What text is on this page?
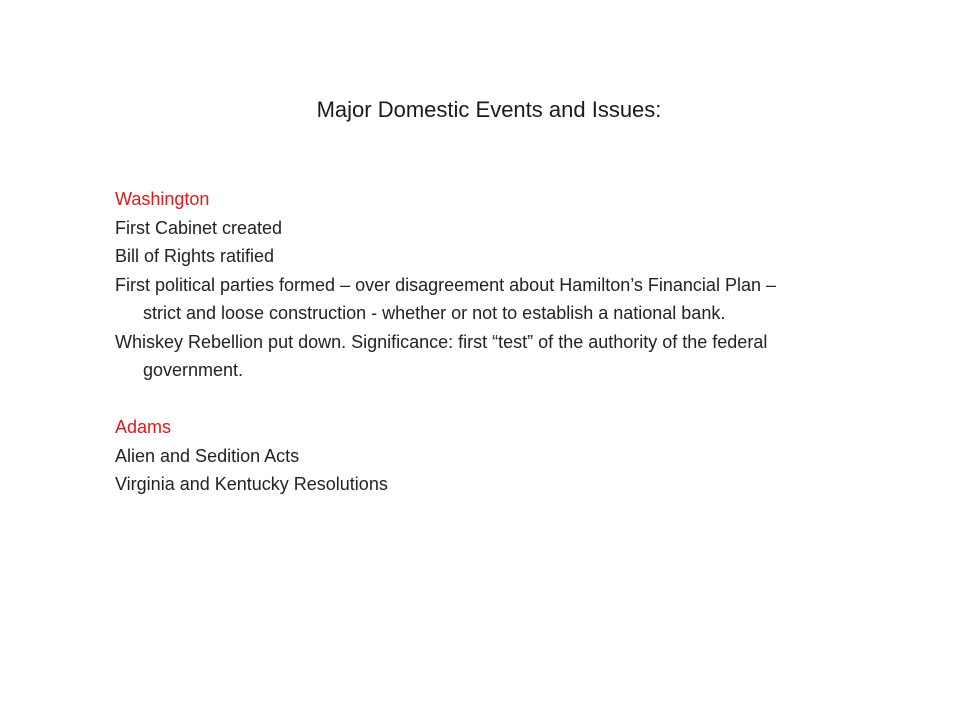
Major Domestic Events and Issues:

Washington

First Cabinet created

Bill of Rights ratified

First political parties formed – over disagreement about Hamilton’s Financial Plan – strict and loose construction - whether or not to establish a national bank.

Whiskey Rebellion put down. Significance: first “test” of the authority of the federal government.

Adams

Alien and Sedition Acts

Virginia and Kentucky Resolutions
